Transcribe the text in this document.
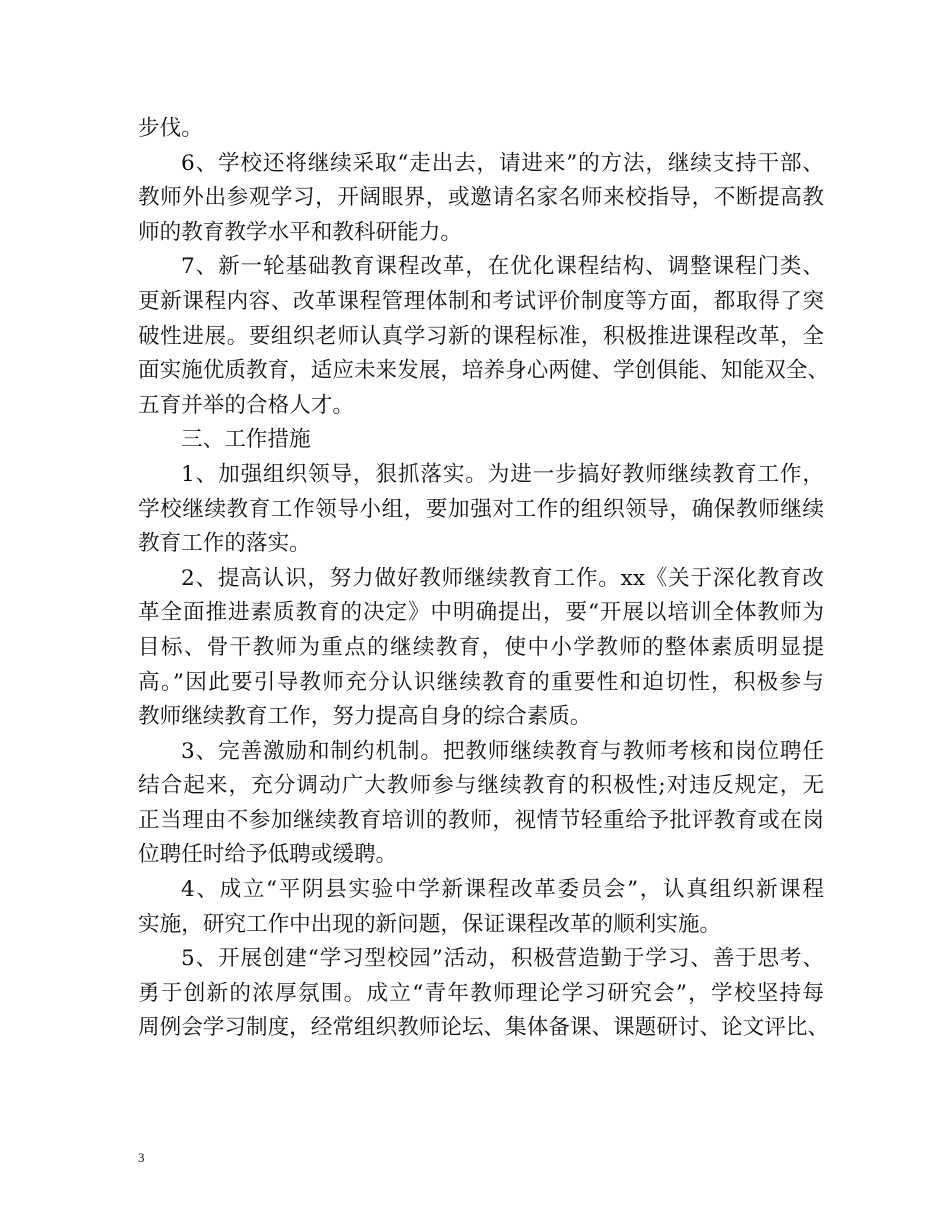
步伐。
6、学校还将继续采取“走出去，请进来”的方法，继续支持干部、
教师外出参观学习，开阔眼界，或邀请名家名师来校指导，不断提高教
师的教育教学水平和教科研能力。
7、新一轮基础教育课程改革，在优化课程结构、调整课程门类、
更新课程内容、改革课程管理体制和考试评价制度等方面，都取得了突
破性进展。要组织老师认真学习新的课程标准，积极推进课程改革，全
面实施优质教育，适应未来发展，培养身心两健、学创俱能、知能双全、
五育并举的合格人才。
三、工作措施
1、加强组织领导，狠抓落实。为进一步搞好教师继续教育工作，
学校继续教育工作领导小组，要加强对工作的组织领导，确保教师继续
教育工作的落实。
2、提高认识，努力做好教师继续教育工作。xx《关于深化教育改
革全面推进素质教育的决定》中明确提出，要“开展以培训全体教师为
目标、骨干教师为重点的继续教育，使中小学教师的整体素质明显提
高。”因此要引导教师充分认识继续教育的重要性和迫切性，积极参与
教师继续教育工作，努力提高自身的综合素质。
3、完善激励和制约机制。把教师继续教育与教师考核和岗位聘任
结合起来，充分调动广大教师参与继续教育的积极性;对违反规定，无
正当理由不参加继续教育培训的教师，视情节轻重给予批评教育或在岗
位聘任时给予低聘或缓聘。
4、成立“平阴县实验中学新课程改革委员会”，认真组织新课程
实施，研究工作中出现的新问题，保证课程改革的顺利实施。
5、开展创建“学习型校园”活动，积极营造勤于学习、善于思考、
勇于创新的浓厚氛围。成立“青年教师理论学习研究会”，学校坚持每
周例会学习制度，经常组织教师论坛、集体备课、课题研讨、论文评比、
3
